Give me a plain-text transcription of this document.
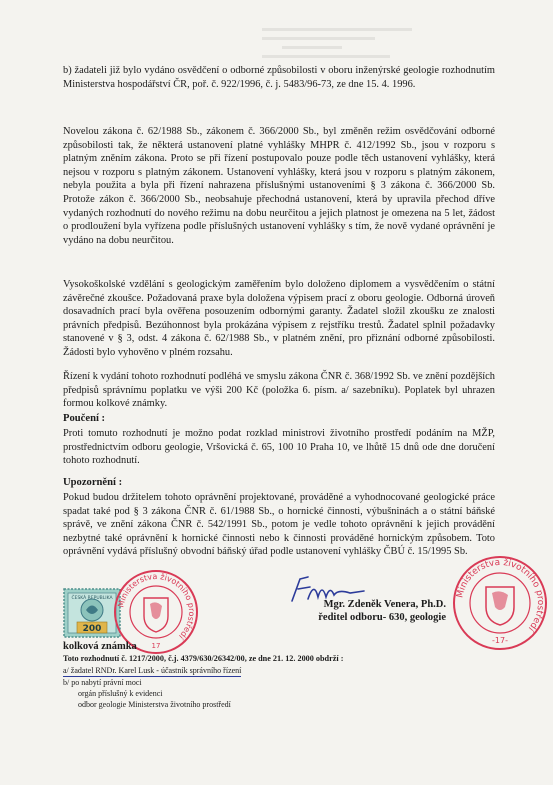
b) žadateli již bylo vydáno osvědčení o odborné způsobilosti v oboru inženýrské geologie rozhodnutím Ministerstva hospodářství ČR, poř. č. 922/1996, č. j. 5483/96-73, ze dne 15. 4. 1996.

Novelou zákona č. 62/1988 Sb., zákonem č. 366/2000 Sb., byl změněn režim osvědčování odborné způsobilosti tak, že některá ustanovení platné vyhlášky MHPR č. 412/1992 Sb., jsou v rozporu s platným zněním zákona. Proto se při řízení postupovalo pouze podle těch ustanovení vyhlášky, která nejsou v rozporu s platným zákonem. Ustanovení vyhlášky, která jsou v rozporu s platným zákonem, nebyla použita a byla při řízení nahrazena příslušnými ustanoveními § 3 zákona č. 366/2000 Sb. Protože zákon č. 366/2000 Sb., neobsahuje přechodná ustanovení, která by upravila přechod dříve vydaných rozhodnutí do nového režimu na dobu neurčitou a jejich platnost je omezena na 5 let, žádost o prodloužení byla vyřízena podle příslušných ustanovení vyhlášky s tím, že nově vydané oprávnění je vydáno na dobu neurčitou.

Vysokoškolské vzdělání s geologickým zaměřením bylo doloženo diplomem a vysvědčením o státní závěrečné zkoušce. Požadovaná praxe byla doložena výpisem prací z oboru geologie. Odborná úroveň dosavadních prací byla ověřena posouzením odbornými garanty. Žadatel složil zkoušku ze znalosti právních předpisů. Bezúhonnost byla prokázána výpisem z rejstříku trestů. Žadatel splnil požadavky stanovené v § 3, odst. 4 zákona č. 62/1988 Sb., v platném znění, pro přiznání odborné způsobilosti. Žádosti bylo vyhověno v plném rozsahu.

Řízení k vydání tohoto rozhodnutí podléhá ve smyslu zákona ČNR č. 368/1992 Sb. ve znění pozdějších předpisů správnímu poplatku ve výši 200 Kč (položka 6. písm. a/ sazebníku). Poplatek byl uhrazen formou kolkové známky.

Poučení :

Proti tomuto rozhodnutí je možno podat rozklad ministrovi životního prostředí podáním na MŽP, prostřednictvím odboru geologie, Vršovická č. 65, 100 10 Praha 10, ve lhůtě 15 dnů ode dne doručení tohoto rozhodnutí.

Upozornění :

Pokud budou držitelem tohoto oprávnění projektované, prováděné a vyhodnocované geologické práce spadat také pod § 3 zákona ČNR č. 61/1988 Sb., o hornické činnosti, výbušninách a o státní báňské správě, ve znění zákona ČNR č. 542/1991 Sb., potom je vedle tohoto oprávnění k jejich provádění nezbytné také oprávnění k hornické činnosti nebo k činnosti prováděné hornickým způsobem. Toto oprávnění vydává příslušný obvodní báňský úřad podle ustanovení vyhlášky ČBÚ č. 15/1995 Sb.

ČESKÁ REPUBLIKA
200
Ministerstva životního prostředí
17
Mgr. Zdeněk Venera, Ph.D.
ředitel odboru- 630, geologie
Ministerstva životního prostředí
-17-
kolková známka
Toto rozhodnutí č. 1217/2000, č.j. 4379/630/26342/00, ze dne 21. 12. 2000 obdrží :
a/ žadatel RNDr. Karel Lusk - účastník správního řízení
b/ po nabytí právní moci
orgán příslušný k evidenci
odbor geologie Ministerstva životního prostředí
